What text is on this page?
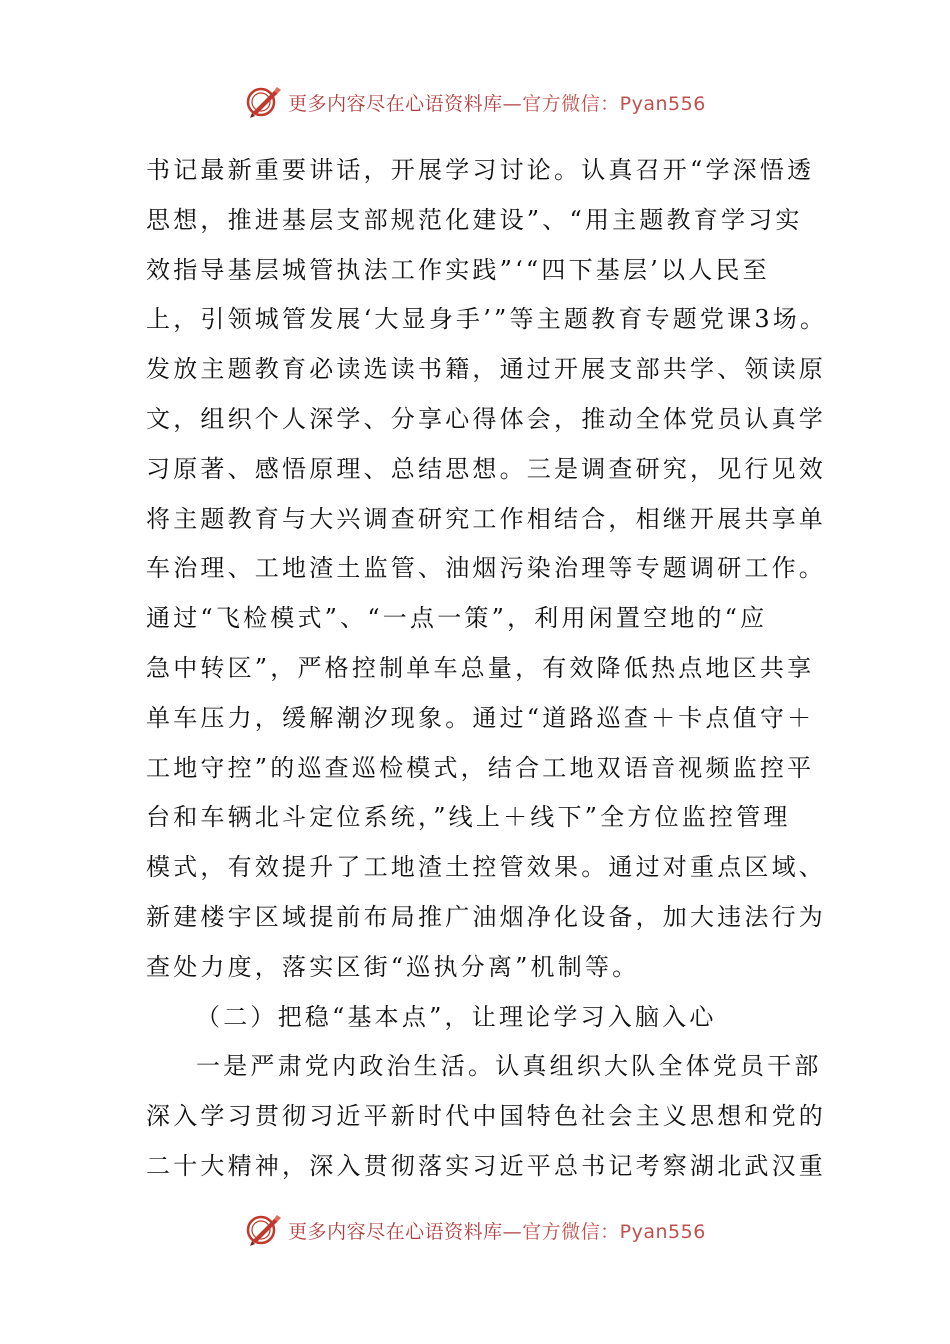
更多内容尽在心语资料库—官方微信：Pyan556
书记最新重要讲话，开展学习讨论。认真召开“学深悟透
思想，推进基层支部规范化建设”、“用主题教育学习实
效指导基层城管执法工作实践”‘“四下基层’以人民至
上，引领城管发展‘大显身手’”等主题教育专题党课3场。
发放主题教育必读选读书籍，通过开展支部共学、领读原
文，组织个人深学、分享心得体会，推动全体党员认真学
习原著、感悟原理、总结思想。三是调查研究，见行见效
将主题教育与大兴调查研究工作相结合，相继开展共享单
车治理、工地渣土监管、油烟污染治理等专题调研工作。
通过“飞检模式”、“一点一策”，利用闲置空地的“应
急中转区”，严格控制单车总量，有效降低热点地区共享
单车压力，缓解潮汐现象。通过“道路巡查＋卡点值守＋
工地守控”的巡查巡检模式，结合工地双语音视频监控平
台和车辆北斗定位系统，”线上＋线下”全方位监控管理
模式，有效提升了工地渣土控管效果。通过对重点区域、
新建楼宇区域提前布局推广油烟净化设备，加大违法行为
查处力度，落实区街“巡执分离”机制等。
（二）把稳“基本点”，让理论学习入脑入心
一是严肃党内政治生活。认真组织大队全体党员干部
深入学习贯彻习近平新时代中国特色社会主义思想和党的
二十大精神，深入贯彻落实习近平总书记考察湖北武汉重
更多内容尽在心语资料库—官方微信：Pyan556
